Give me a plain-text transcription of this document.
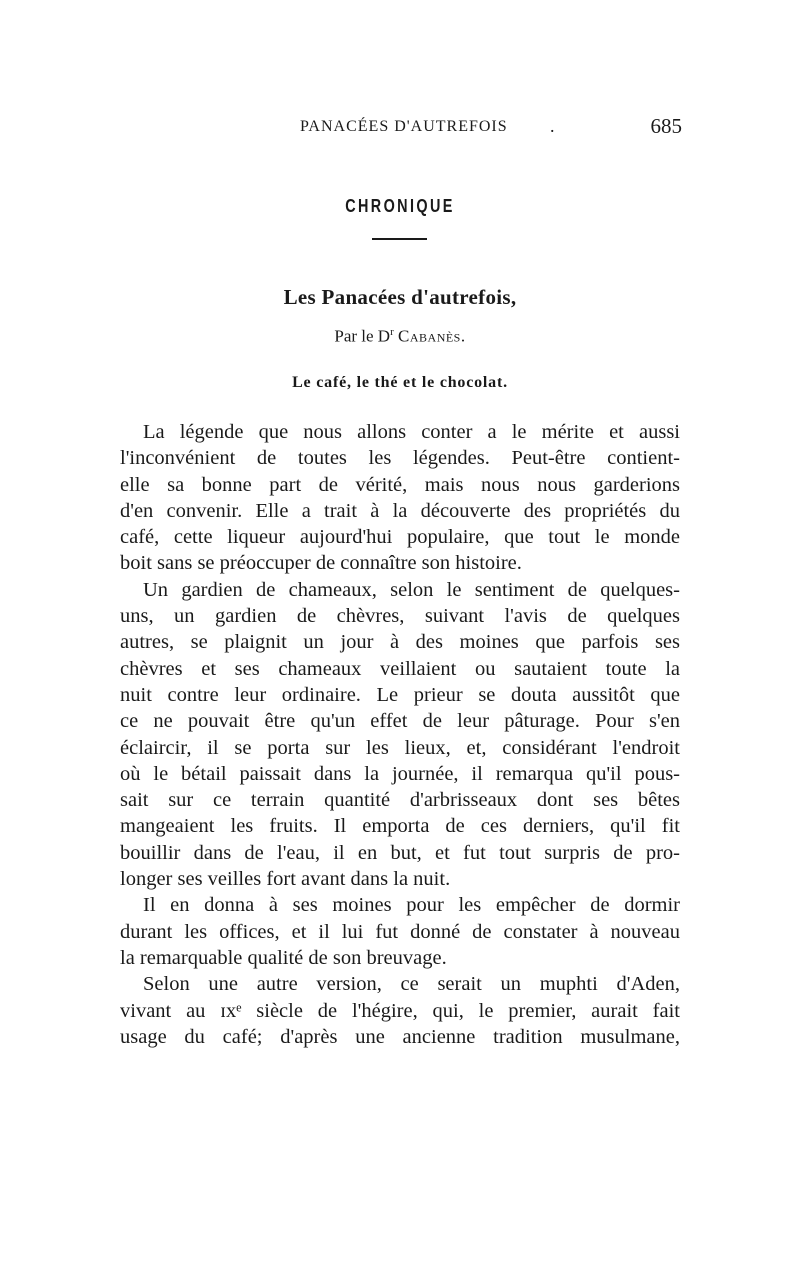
PANACÉES D'AUTREFOIS .	685
CHRONIQUE
Les Panacées d'autrefois,
Par le $D^r$ Cabanès.
Le café, le thé et le chocolat.
La légende que nous allons conter a le mérite et aussi
l'inconvénient de toutes les légendes. Peut-être contient-
elle sa bonne part de vérité, mais nous nous garderions
d'en convenir. Elle a trait à la découverte des propriétés du
café, cette liqueur aujourd'hui populaire, que tout le monde
boit sans se préoccuper de connaître son histoire.
Un gardien de chameaux, selon le sentiment de quelques-
uns, un gardien de chèvres, suivant l'avis de quelques
autres, se plaignit un jour à des moines que parfois ses
chèvres et ses chameaux veillaient ou sautaient toute la
nuit contre leur ordinaire. Le prieur se douta aussitôt que
ce ne pouvait être qu'un effet de leur pâturage. Pour s'en
éclaircir, il se porta sur les lieux, et, considérant l'endroit
où le bétail paissait dans la journée, il remarqua qu'il pous-
sait sur ce terrain quantité d'arbrisseaux dont ses bêtes
mangeaient les fruits. Il emporta de ces derniers, qu'il fit
bouillir dans de l'eau, il en but, et fut tout surpris de pro-
longer ses veilles fort avant dans la nuit.
Il en donna à ses moines pour les empêcher de dormir
durant les offices, et il lui fut donné de constater à nouveau
la remarquable qualité de son breuvage.
Selon une autre version, ce serait un muphti d'Aden,
vivant au ɪxᵉ siècle de l'hégire, qui, le premier, aurait fait
usage du café; d'après une ancienne tradition musulmane,
